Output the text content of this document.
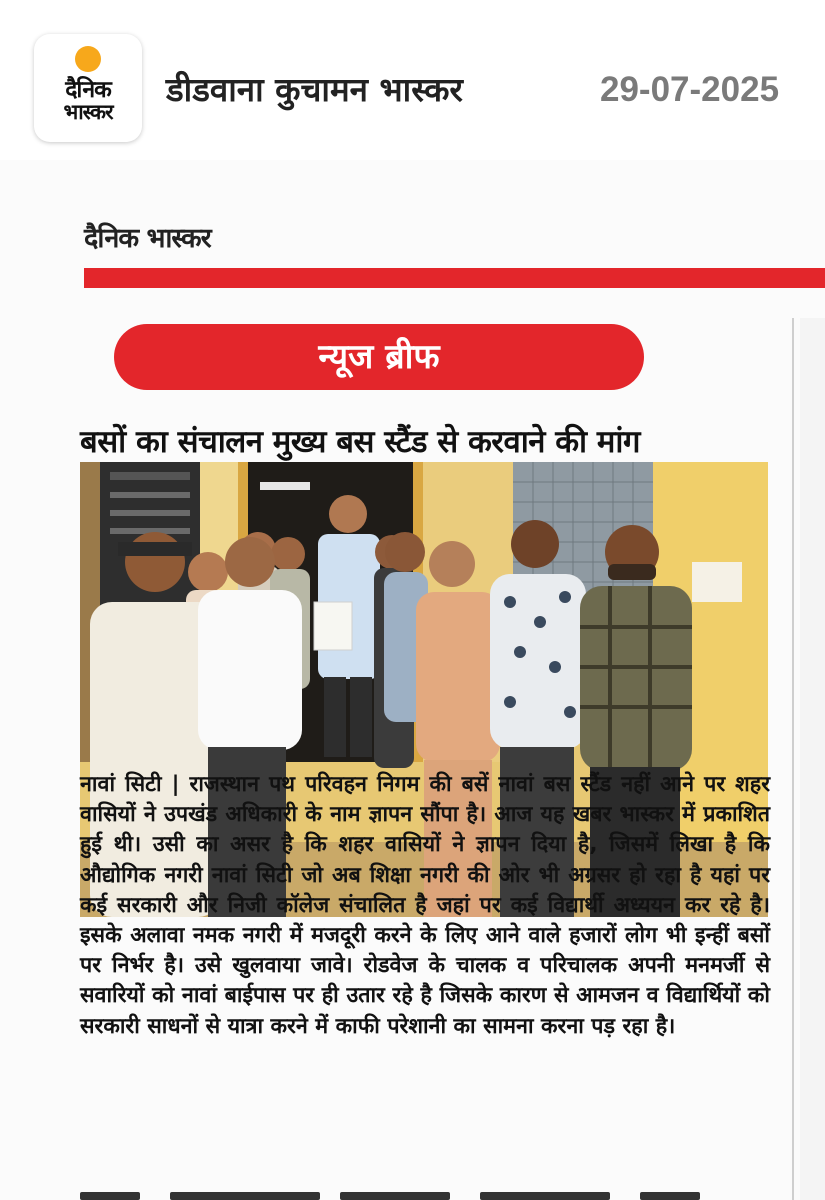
दैनिक
भास्कर
डीडवाना कुचामन भास्कर	29-07-2025
दैनिक भास्कर
न्यूज ब्रीफ
बसों का संचालन मुख्य बस स्टैंड से करवाने की मांग

नावां सिटी | राजस्थान पथ परिवहन निगम की बसें नावां बस स्टैंड नहीं आने पर शहर वासियों ने उपखंड अधिकारी के नाम ज्ञापन सौंपा है। आज यह खबर भास्कर में प्रकाशित हुई थी। उसी का असर है कि शहर वासियों ने ज्ञापन दिया है, जिसमें लिखा है कि औद्योगिक नगरी नावां सिटी जो अब शिक्षा नगरी की ओर भी अग्रसर हो रहा है यहां पर कई सरकारी और निजी कॉलेज संचालित है जहां पर कई विद्यार्थी अध्ययन कर रहे है। इसके अलावा नमक नगरी में मजदूरी करने के लिए आने वाले हजारों लोग भी इन्हीं बसों पर निर्भर है। उसे खुलवाया जावे। रोडवेज के चालक व परिचालक अपनी मनमर्जी से सवारियों को नावां बाईपास पर ही उतार रहे है जिसके कारण से आमजन व विद्यार्थियों को सरकारी साधनों से यात्रा करने में काफी परेशानी का सामना करना पड़ रहा है।
